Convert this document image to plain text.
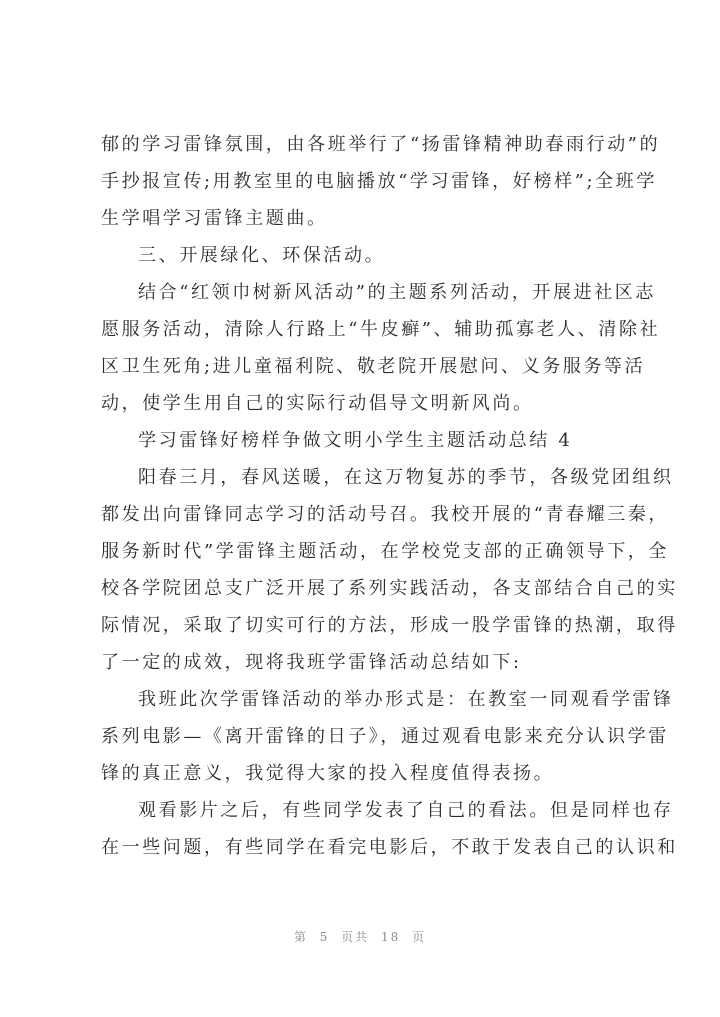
郁的学习雷锋氛围，由各班举行了“扬雷锋精神助春雨行动”的
手抄报宣传;用教室里的电脑播放“学习雷锋，好榜样”;全班学
生学唱学习雷锋主题曲。
三、开展绿化、环保活动。
结合“红领巾树新风活动”的主题系列活动，开展进社区志
愿服务活动，清除人行路上“牛皮癣”、辅助孤寡老人、清除社
区卫生死角;进儿童福利院、敬老院开展慰问、义务服务等活
动，使学生用自己的实际行动倡导文明新风尚。
学习雷锋好榜样争做文明小学生主题活动总结 4
阳春三月，春风送暖，在这万物复苏的季节，各级党团组织
都发出向雷锋同志学习的活动号召。我校开展的“青春耀三秦，
服务新时代”学雷锋主题活动，在学校党支部的正确领导下，全
校各学院团总支广泛开展了系列实践活动，各支部结合自己的实
际情况，采取了切实可行的方法，形成一股学雷锋的热潮，取得
了一定的成效，现将我班学雷锋活动总结如下:
我班此次学雷锋活动的举办形式是：在教室一同观看学雷锋
系列电影—《离开雷锋的日子》，通过观看电影来充分认识学雷
锋的真正意义，我觉得大家的投入程度值得表扬。
观看影片之后，有些同学发表了自己的看法。但是同样也存
在一些问题，有些同学在看完电影后，不敢于发表自己的认识和
第 5 页共 18 页
